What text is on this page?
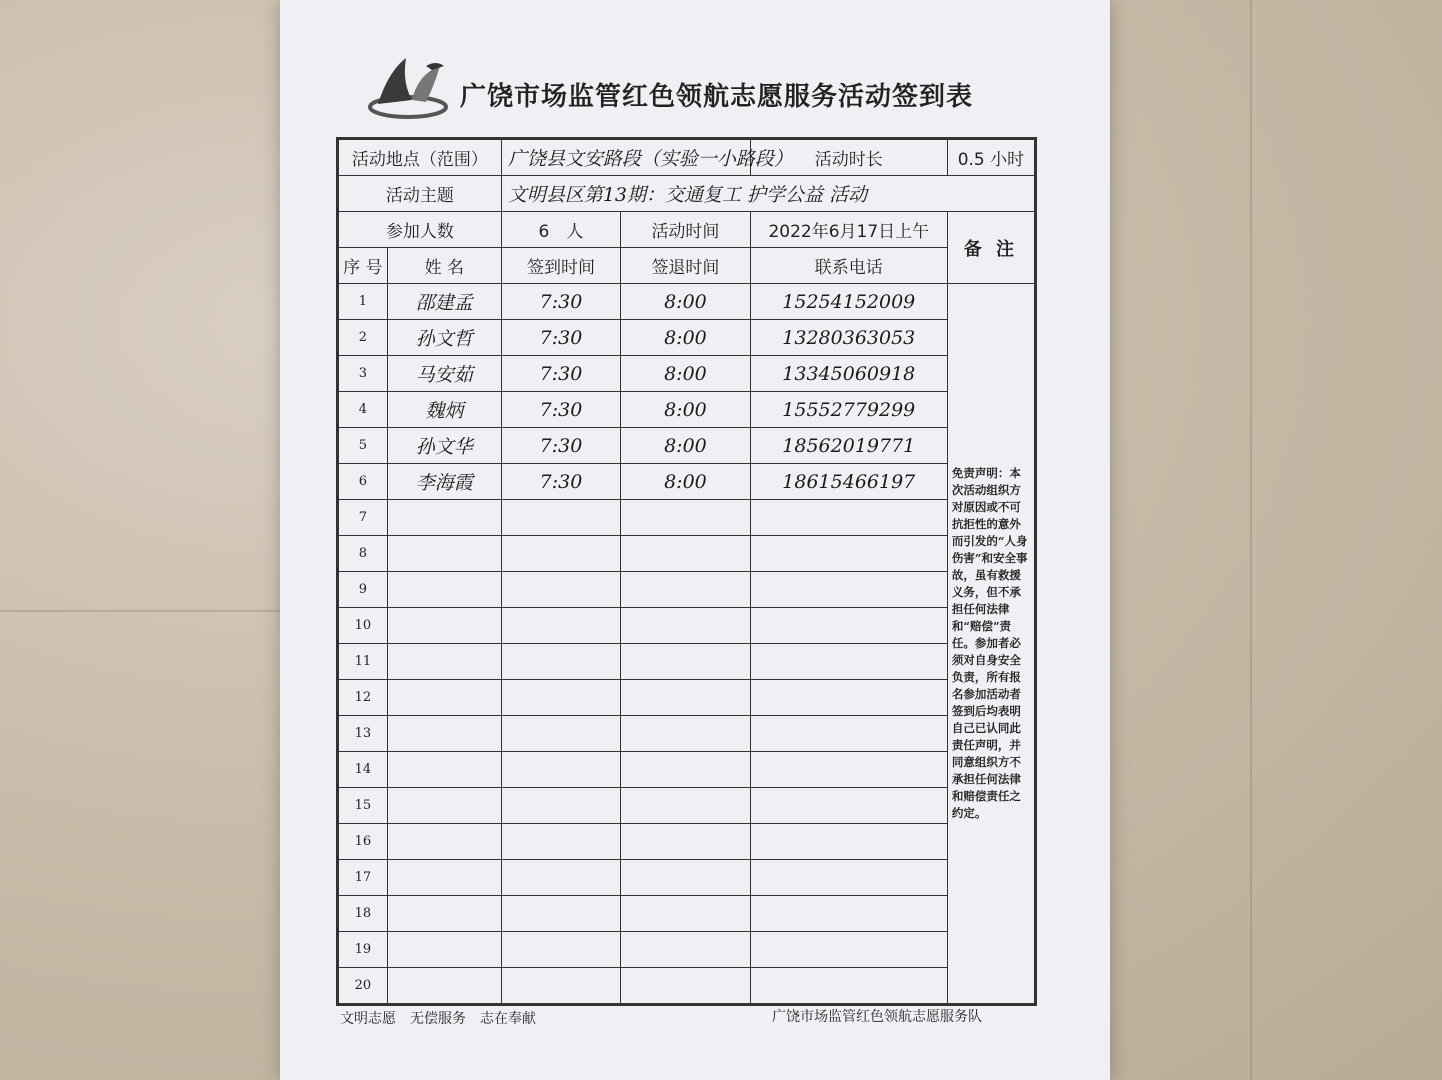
广饶市场监管红色领航志愿服务活动签到表
活动地点（范围）		广饶县文安路段（实验一小路段）		活动时长	0.5 小时
活动主题		文明县区第13期：交通复工 护学公益 活动			
参加人数		6　人	活动时间	2022年6月17日上午	备 注
序 号	姓 名	签到时间	签退时间	联系电话	
1	邵建孟	7:30	8:00	15254152009	免责声明：本次活动组织方对原因或不可抗拒性的意外而引发的“人身伤害”和安全事故，虽有救援义务，但不承担任何法律和“赔偿”责任。参加者必须对自身安全负责，所有报名参加活动者签到后均表明自己已认同此责任声明，并同意组织方不承担任何法律和赔偿责任之约定。
2	孙文哲	7:30	8:00	13280363053	
3	马安茹	7:30	8:00	13345060918	
4	魏炳	7:30	8:00	15552779299	
5	孙文华	7:30	8:00	18562019771	
6	李海霞	7:30	8:00	18615466197	
7					
8					
9					
10					
11					
12					
13					
14					
15					
16					
17					
18					
19					
20					
文明志愿　无偿服务　志在奉献	广饶市场监管红色领航志愿服务队
